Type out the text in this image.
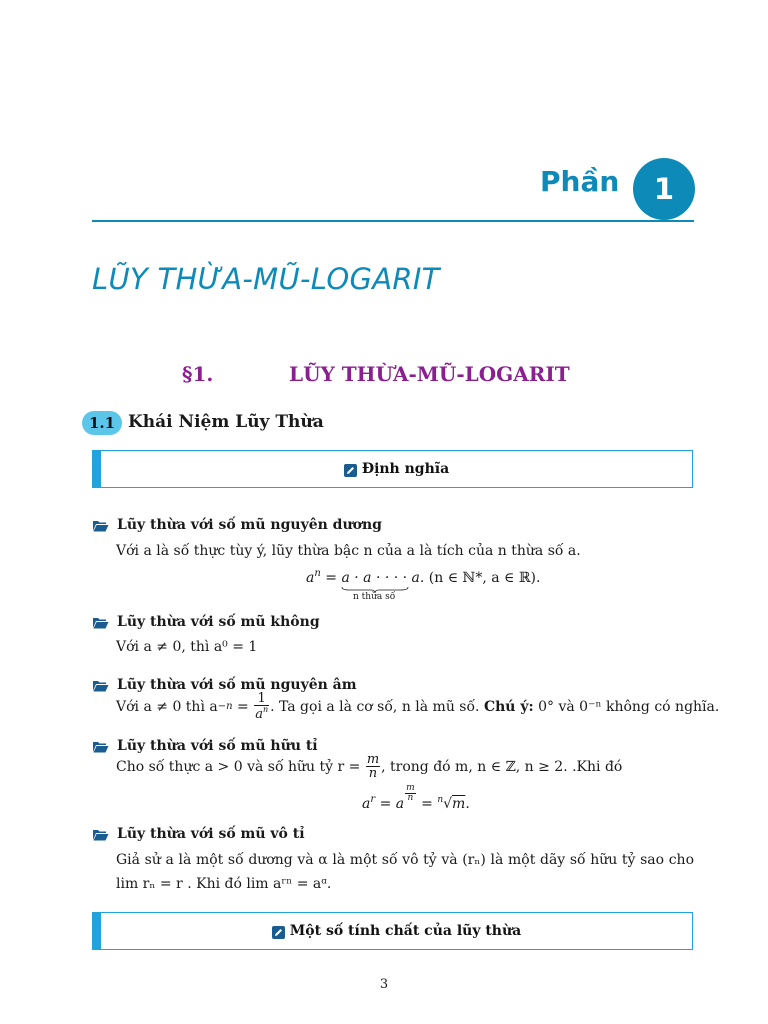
Phần	1
LŨY THỪA-MŨ-LOGARIT
§1.	LŨY THỪA-MŨ-LOGARIT
1.1 Khái Niệm Lũy Thừa
Định nghĩa
Lũy thừa với số mũ nguyên dương
Với a là số thực tùy ý, lũy thừa bậc n của a là tích của n thừa số a.
$a^n = a \cdot a$ · · · · a
. (n ∈ ℕ*, a ∈ ℝ).
n thừa số
Lũy thừa với số mũ không
Với a ≠ 0, thì a⁰ = 1
Lũy thừa với số mũ nguyên âm
Với a ≠ 0 thì $a -n = \frac{1}{a^n}$ . Ta gọi a là cơ số, n là mũ số.
Chú ý:
0° và 0⁻ⁿ không có nghĩa.
Lũy thừa với số mũ hữu tỉ
Cho số thực a > 0 và số hữu tỷ r =
$\frac{m}{n}$ , trong đó m, n ∈ ℤ, n ≥ 2. .Khi đó
$a^r = a$
$\frac{m}{n}$
= $^n$√m.
Lũy thừa với số mũ vô tỉ
Giả sử a là một số dương và α là một số vô tỷ và (rₙ) là một dãy số hữu tỷ sao cho lim rₙ = r . Khi đó lim aʳⁿ = aᵅ.
Một số tính chất của lũy thừa
3
